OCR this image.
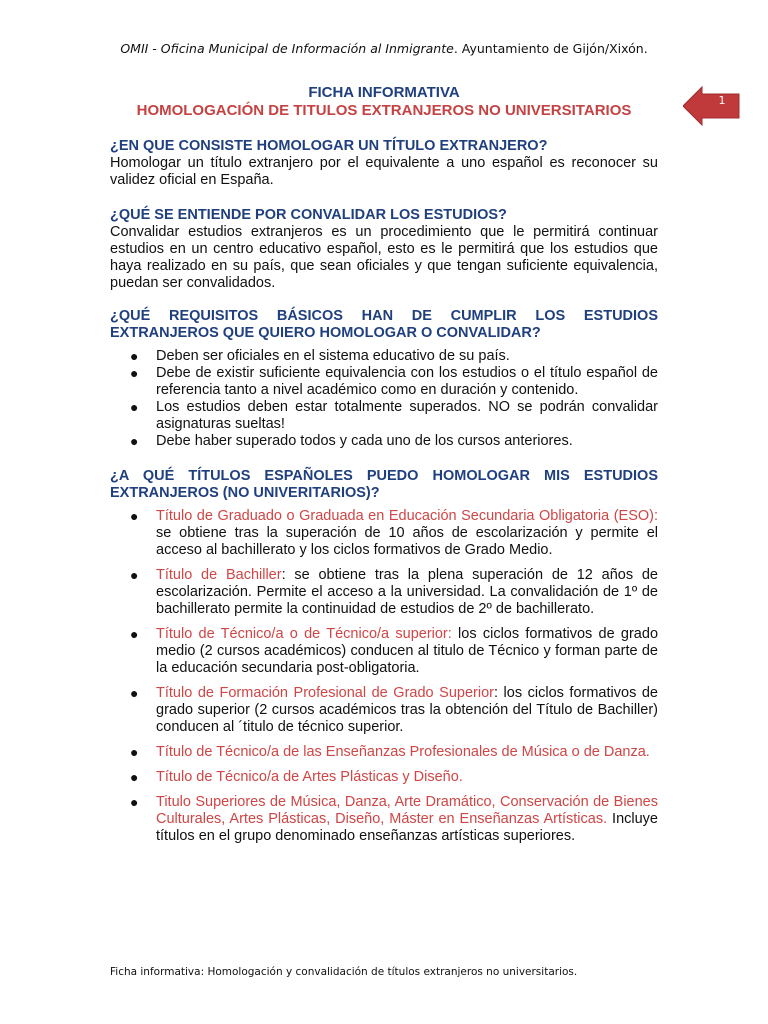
OMII - Oficina Municipal de Información al Inmigrante. Ayuntamiento de Gijón/Xixón.
1
FICHA INFORMATIVA
HOMOLOGACIÓN DE TITULOS EXTRANJEROS NO UNIVERSITARIOS
¿EN QUE CONSISTE HOMOLOGAR UN TÍTULO EXTRANJERO?

Homologar un título extranjero por el equivalente a uno español es reconocer su validez oficial en España.

¿QUÉ SE ENTIENDE POR CONVALIDAR LOS ESTUDIOS?

Convalidar estudios extranjeros es un procedimiento que le permitirá continuar estudios en un centro educativo español, esto es le permitirá que los estudios que haya realizado en su país, que sean oficiales y que tengan suficiente equivalencia, puedan ser convalidados.

¿QUÉ REQUISITOS BÁSICOS HAN DE CUMPLIR LOS ESTUDIOS EXTRANJEROS QUE QUIERO HOMOLOGAR O CONVALIDAR?
● Deben ser oficiales en el sistema educativo de su país.
● Debe de existir suficiente equivalencia con los estudios o el título español de referencia tanto a nivel académico como en duración y contenido.
● Los estudios deben estar totalmente superados. NO se podrán convalidar asignaturas sueltas!
● Debe haber superado todos y cada uno de los cursos anteriores.
¿A QUÉ TÍTULOS ESPAÑOLES PUEDO HOMOLOGAR MIS ESTUDIOS EXTRANJEROS (NO UNIVERITARIOS)?
● Título de Graduado o Graduada en Educación Secundaria Obligatoria (ESO): se obtiene tras la superación de 10 años de escolarización y permite el acceso al bachillerato y los ciclos formativos de Grado Medio.
● Título de Bachiller: se obtiene tras la plena superación de 12 años de escolarización. Permite el acceso a la universidad. La convalidación de 1º de bachillerato permite la continuidad de estudios de 2º de bachillerato.
● Título de Técnico/a o de Técnico/a superior: los ciclos formativos de grado medio (2 cursos académicos) conducen al titulo de Técnico y forman parte de la educación secundaria post-obligatoria.
● Título de Formación Profesional de Grado Superior: los ciclos formativos de grado superior (2 cursos académicos tras la obtención del Título de Bachiller) conducen al ´titulo de técnico superior.
● Título de Técnico/a de las Enseñanzas Profesionales de Música o de Danza.
● Título de Técnico/a de Artes Plásticas y Diseño.
● Titulo Superiores de Música, Danza, Arte Dramático, Conservación de Bienes Culturales, Artes Plásticas, Diseño, Máster en Enseñanzas Artísticas. Incluye títulos en el grupo denominado enseñanzas artísticas superiores.
Ficha informativa: Homologación y convalidación de títulos extranjeros no universitarios.
